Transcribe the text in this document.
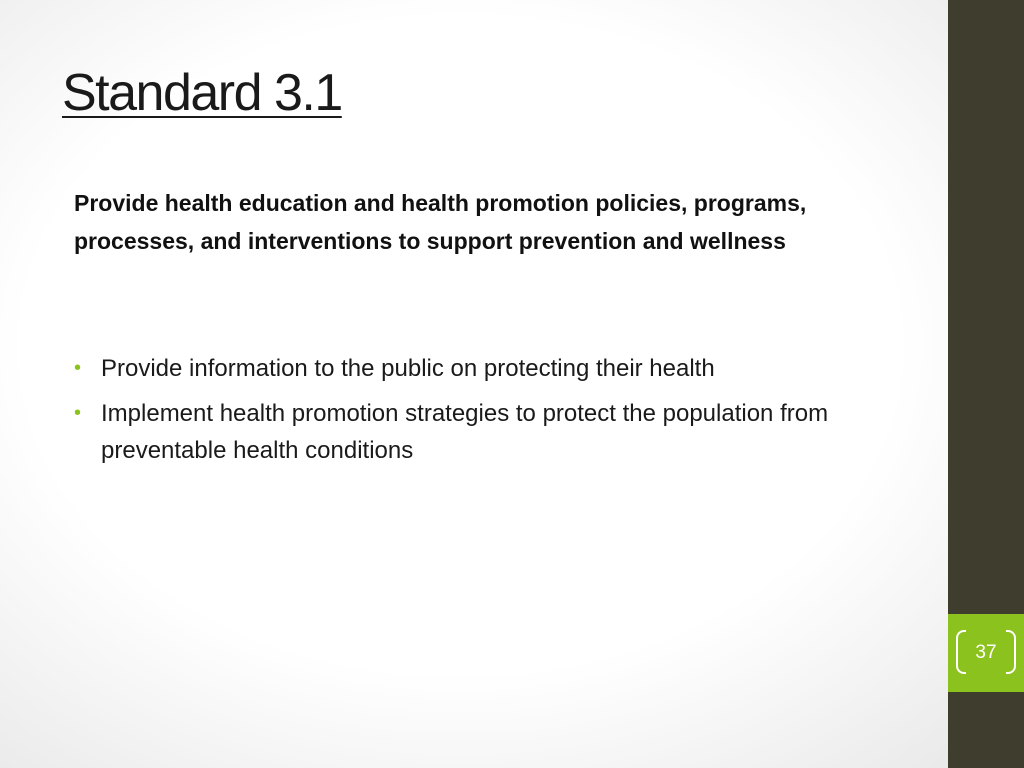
37
Standard 3.1

Provide health education and health promotion policies, programs, processes, and interventions to support prevention and wellness

• Provide information to the public on protecting their health
• Implement health promotion strategies to protect the population from preventable health conditions
